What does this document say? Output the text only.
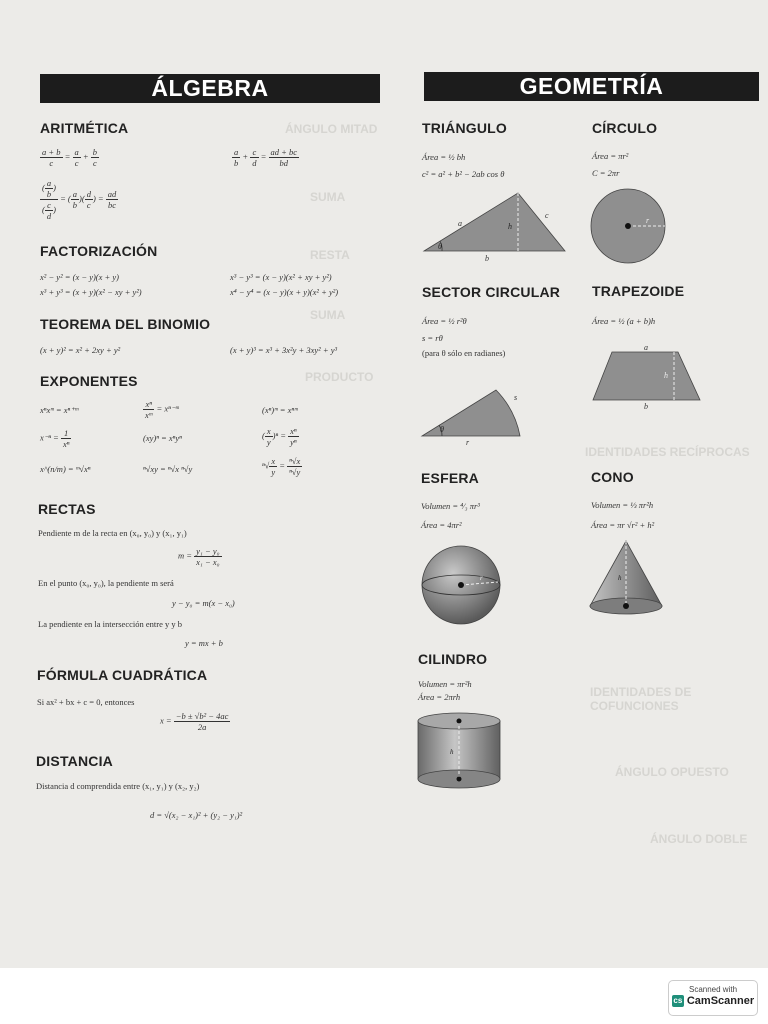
ÁNGULO MITAD
SUMA
RESTA
SUMA
PRODUCTO
IDENTIDADES RECÍPROCAS
IDENTIDADES DE COFUNCIONES
ÁNGULO OPUESTO
ÁNGULO DOBLE
ÁLGEBRA	GEOMETRÍA
ARITMÉTICA
$\frac{a + b}{c} = \frac{a}{c} + \frac{b}{c}$	$\frac{a}{b} + \frac{c}{d} = \frac{ad + bc}{bd}$
$\frac{( \frac{a}{b} )}{( \frac{c}{d} )}$ = ( $\frac{a}{b}$ )( $\frac{d}{c}$ ) = $\frac{ad}{bc}$
FACTORIZACIÓN
x² − y² = (x − y)(x + y)	x³ − y³ = (x − y)(x² + xy + y²)
x³ + y³ = (x + y)(x² − xy + y²)	x⁴ − y⁴ = (x − y)(x + y)(x² + y²)
TEOREMA DEL BINOMIO
(x + y)² = x² + 2xy + y²	(x + y)³ = x³ + 3x²y + 3xy² + y³
EXPONENTES
xⁿxᵐ = xⁿ⁺ᵐ	$\frac{\text{xⁿ}}{\text{xᵐ}}$ = xⁿ⁻ᵐ	(xⁿ)ᵐ = xⁿᵐ
$x^{-n} = \frac{1}{\text{xⁿ}}$	(xy)ⁿ = xⁿyⁿ	( $\frac{x}{y} )^n = \frac{\text{xⁿ}}{\text{yⁿ}}$
x^(n/m) = ᵐ√xⁿ	ⁿ√xy = ⁿ√x ⁿ√y	$^n√ \frac{x}{y} = \frac{\text{ⁿ√x}}{\text{ⁿ√y}}$
RECTAS
Pendiente m de la recta en (x₀, y₀) y (x₁, y₁)
$m = \frac{\text{y₁ − y₀}}{\text{x₁ − x₀}}$
En el punto (x₀, y₀), la pendiente m será
y − y₀ = m(x − x₀)
La pendiente en la intersección entre y y b
y = mx + b
FÓRMULA CUADRÁTICA
Si ax² + bx + c = 0, entonces
$x = \frac{\text{−b ± √b² − 4ac}}{2a}$
DISTANCIA
Distancia d comprendida entre (x₁, y₁) y (x₂, y₂)
d = √(x₂ − x₁)² + (y₂ − y₁)²
TRIÁNGULO
Área = ½ bh
c² = a² + b² − 2ab cos θ
a
c
h
b
θ
CÍRCULO
Área = πr²
C = 2πr
r
SECTOR CIRCULAR
Área = ½ r²θ
s = rθ
(para θ sólo en radianes)
θ
s
r
TRAPEZOIDE
Área = ½ (a + b)h
a
h
b
ESFERA
Volumen = ⁴⁄₃ πr³
Área = 4πr²
r
CONO
Volumen = ⅓ πr²h
Área = πr √r² + h²
h
CILINDRO
Volumen = πr²h
Área = 2πrh
h
Scanned with
cs CamScanner
